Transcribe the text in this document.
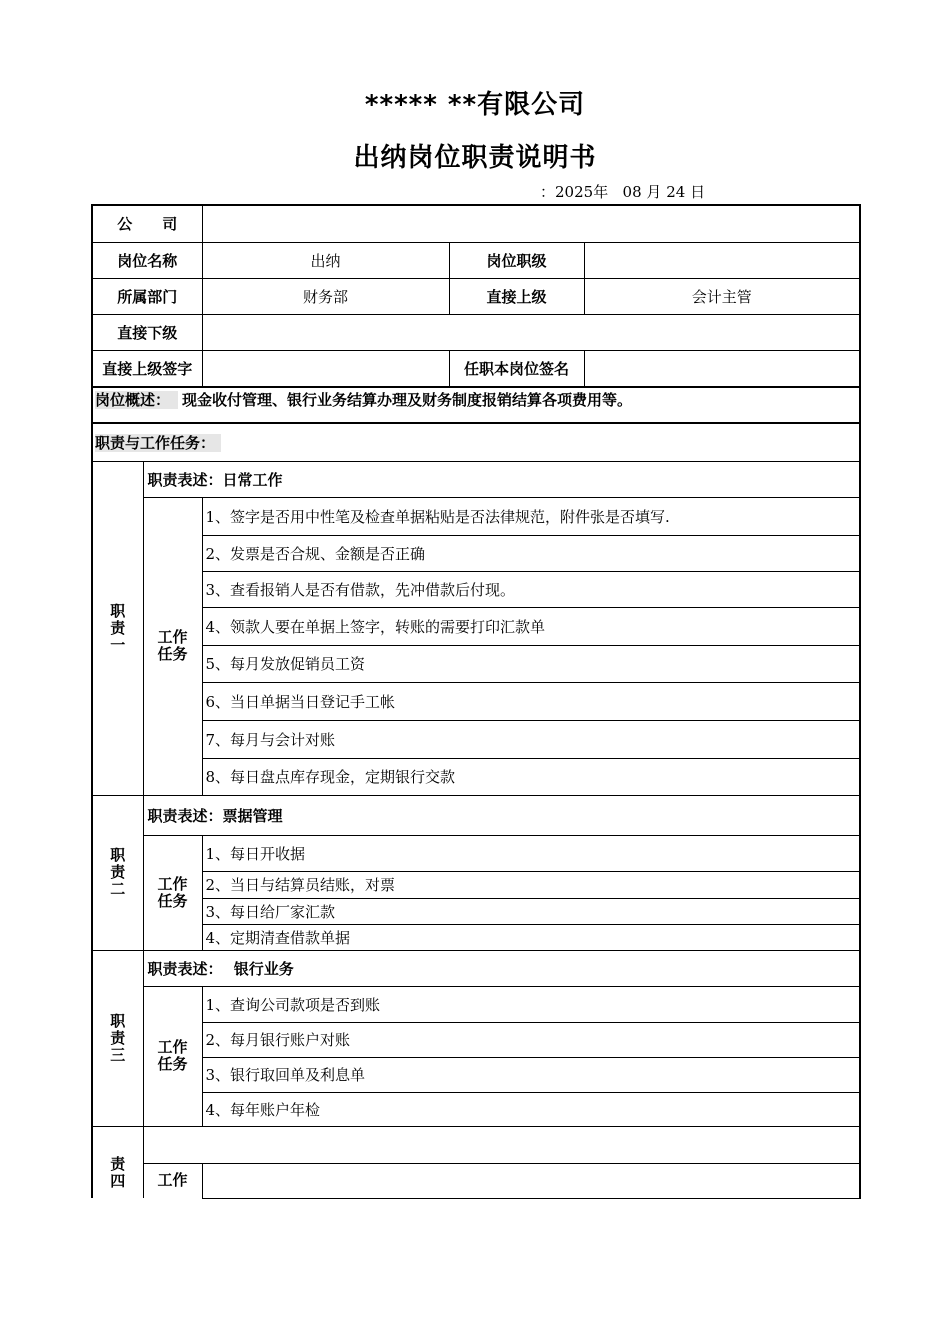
***** **有限公司
出纳岗位职责说明书
：2025年 08 月 24 日
公　　司				
岗位名称		出纳	岗位职级	
所属部门		财务部	直接上级	会计主管
直接下级				
直接上级签字			任职本岗位签名	
岗位概述： 现金收付管理、银行业务结算办理及财务制度报销结算各项费用等。				
职责与工作任务：				
职责一	职责表述：日常工作			
	工作任务	1、签字是否用中性笔及检查单据粘贴是否法律规范，附件张是否填写.		
		2、发票是否合规、金额是否正确		
		3、查看报销人是否有借款，先冲借款后付现。		
		4、领款人要在单据上签字，转账的需要打印汇款单		
		5、每月发放促销员工资		
		6、当日单据当日登记手工帐		
		7、每月与会计对账		
		8、每日盘点库存现金，定期银行交款		
职责二	职责表述：票据管理			
	工作任务	1、每日开收据		
		2、当日与结算员结账，对票		
		3、每日给厂家汇款		
		4、定期清查借款单据		
职责三	职责表述： 银行业务			
	工作任务	1、查询公司款项是否到账		
		2、每月银行账户对账		
		3、银行取回单及利息单		
		4、每年账户年检		
责四				
	工作			
